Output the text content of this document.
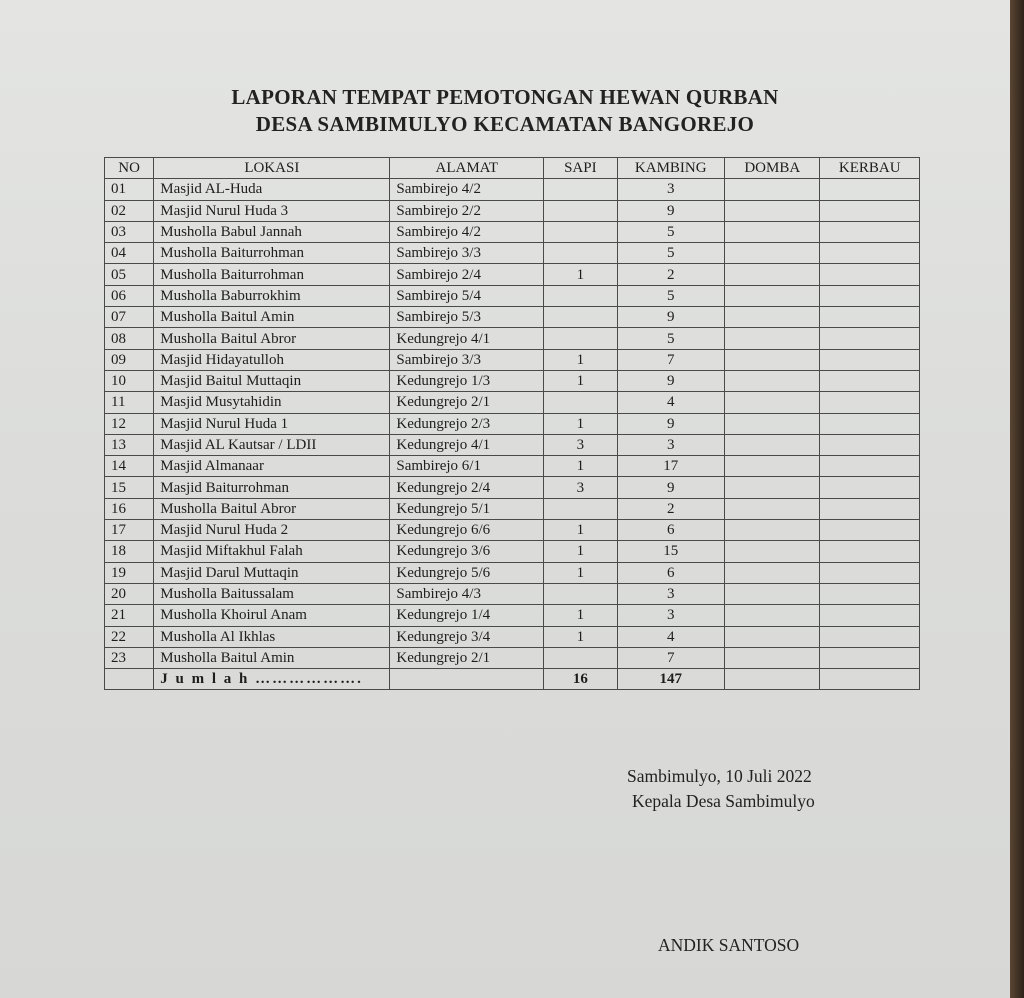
LAPORAN TEMPAT PEMOTONGAN HEWAN QURBAN
DESA SAMBIMULYO KECAMATAN BANGOREJO
NO	LOKASI	ALAMAT	SAPI	KAMBING	DOMBA	KERBAU
01	Masjid AL-Huda	Sambirejo 4/2		3		
02	Masjid Nurul Huda 3	Sambirejo 2/2		9		
03	Musholla Babul Jannah	Sambirejo 4/2		5		
04	Musholla Baiturrohman	Sambirejo 3/3		5		
05	Musholla Baiturrohman	Sambirejo 2/4	1	2		
06	Musholla Baburrokhim	Sambirejo 5/4		5		
07	Musholla Baitul Amin	Sambirejo 5/3		9		
08	Musholla Baitul Abror	Kedungrejo 4/1		5		
09	Masjid Hidayatulloh	Sambirejo 3/3	1	7		
10	Masjid Baitul Muttaqin	Kedungrejo 1/3	1	9		
11	Masjid Musytahidin	Kedungrejo 2/1		4		
12	Masjid Nurul Huda 1	Kedungrejo 2/3	1	9		
13	Masjid AL Kautsar / LDII	Kedungrejo 4/1	3	3		
14	Masjid Almanaar	Sambirejo 6/1	1	17		
15	Masjid Baiturrohman	Kedungrejo 2/4	3	9		
16	Musholla Baitul Abror	Kedungrejo 5/1		2		
17	Masjid Nurul Huda 2	Kedungrejo 6/6	1	6		
18	Masjid Miftakhul Falah	Kedungrejo 3/6	1	15		
19	Masjid Darul Muttaqin	Kedungrejo 5/6	1	6		
20	Musholla Baitussalam	Sambirejo 4/3		3		
21	Musholla Khoirul Anam	Kedungrejo 1/4	1	3		
22	Musholla Al Ikhlas	Kedungrejo 3/4	1	4		
23	Musholla Baitul Amin	Kedungrejo 2/1		7		
	J u m l a h ……………….		16	147		
Sambimulyo, 10 Juli 2022
Kepala Desa Sambimulyo
ANDIK SANTOSO
